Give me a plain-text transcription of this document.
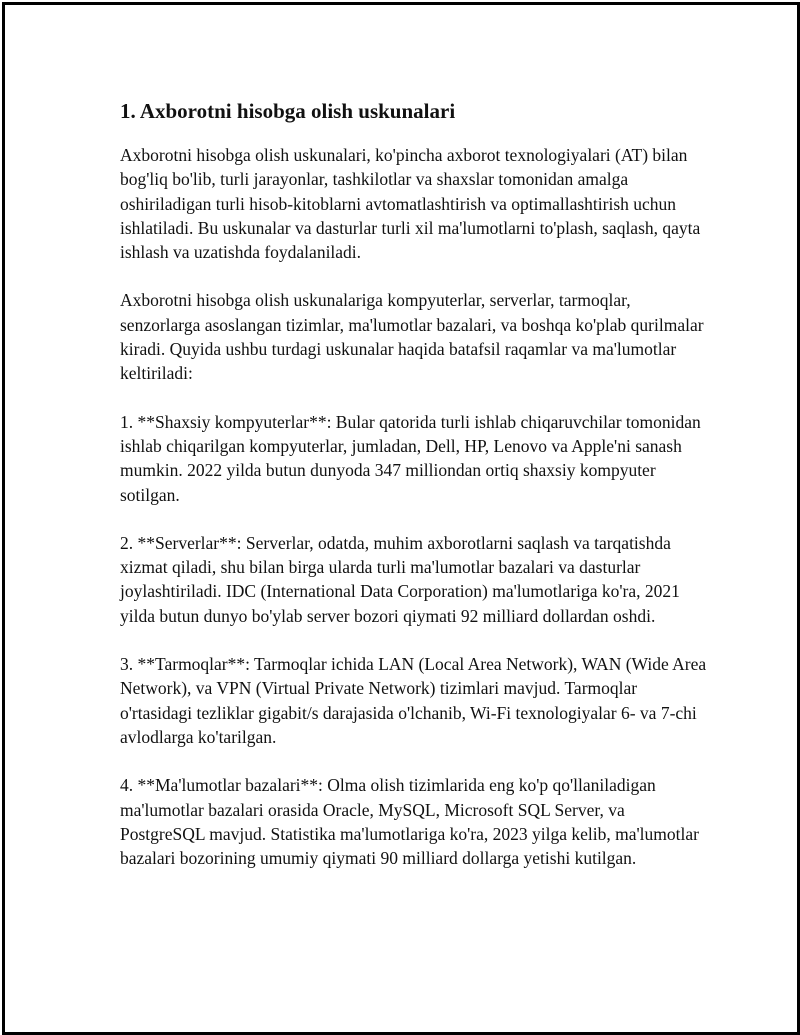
1. Axborotni hisobga olish uskunalari

Axborotni hisobga olish uskunalari, ko'pincha axborot texnologiyalari (AT) bilan bog'liq bo'lib, turli jarayonlar, tashkilotlar va shaxslar tomonidan amalga oshiriladigan turli hisob-kitoblarni avtomatlashtirish va optimallashtirish uchun ishlatiladi. Bu uskunalar va dasturlar turli xil ma'lumotlarni to'plash, saqlash, qayta ishlash va uzatishda foydalaniladi.

Axborotni hisobga olish uskunalariga kompyuterlar, serverlar, tarmoqlar, senzorlarga asoslangan tizimlar, ma'lumotlar bazalari, va boshqa ko'plab qurilmalar kiradi. Quyida ushbu turdagi uskunalar haqida batafsil raqamlar va ma'lumotlar keltiriladi:

1. **Shaxsiy kompyuterlar**: Bular qatorida turli ishlab chiqaruvchilar tomonidan ishlab chiqarilgan kompyuterlar, jumladan, Dell, HP, Lenovo va Apple'ni sanash mumkin. 2022 yilda butun dunyoda 347 milliondan ortiq shaxsiy kompyuter sotilgan.

2. **Serverlar**: Serverlar, odatda, muhim axborotlarni saqlash va tarqatishda xizmat qiladi, shu bilan birga ularda turli ma'lumotlar bazalari va dasturlar joylashtiriladi. IDC (International Data Corporation) ma'lumotlariga ko'ra, 2021 yilda butun dunyo bo'ylab server bozori qiymati 92 milliard dollardan oshdi.

3. **Tarmoqlar**: Tarmoqlar ichida LAN (Local Area Network), WAN (Wide Area Network), va VPN (Virtual Private Network) tizimlari mavjud. Tarmoqlar o'rtasidagi tezliklar gigabit/s darajasida o'lchanib, Wi-Fi texnologiyalar 6- va 7-chi avlodlarga ko'tarilgan.

4. **Ma'lumotlar bazalari**: Olma olish tizimlarida eng ko'p qo'llaniladigan ma'lumotlar bazalari orasida Oracle, MySQL, Microsoft SQL Server, va PostgreSQL mavjud. Statistika ma'lumotlariga ko'ra, 2023 yilga kelib, ma'lumotlar bazalari bozorining umumiy qiymati 90 milliard dollarga yetishi kutilgan.
